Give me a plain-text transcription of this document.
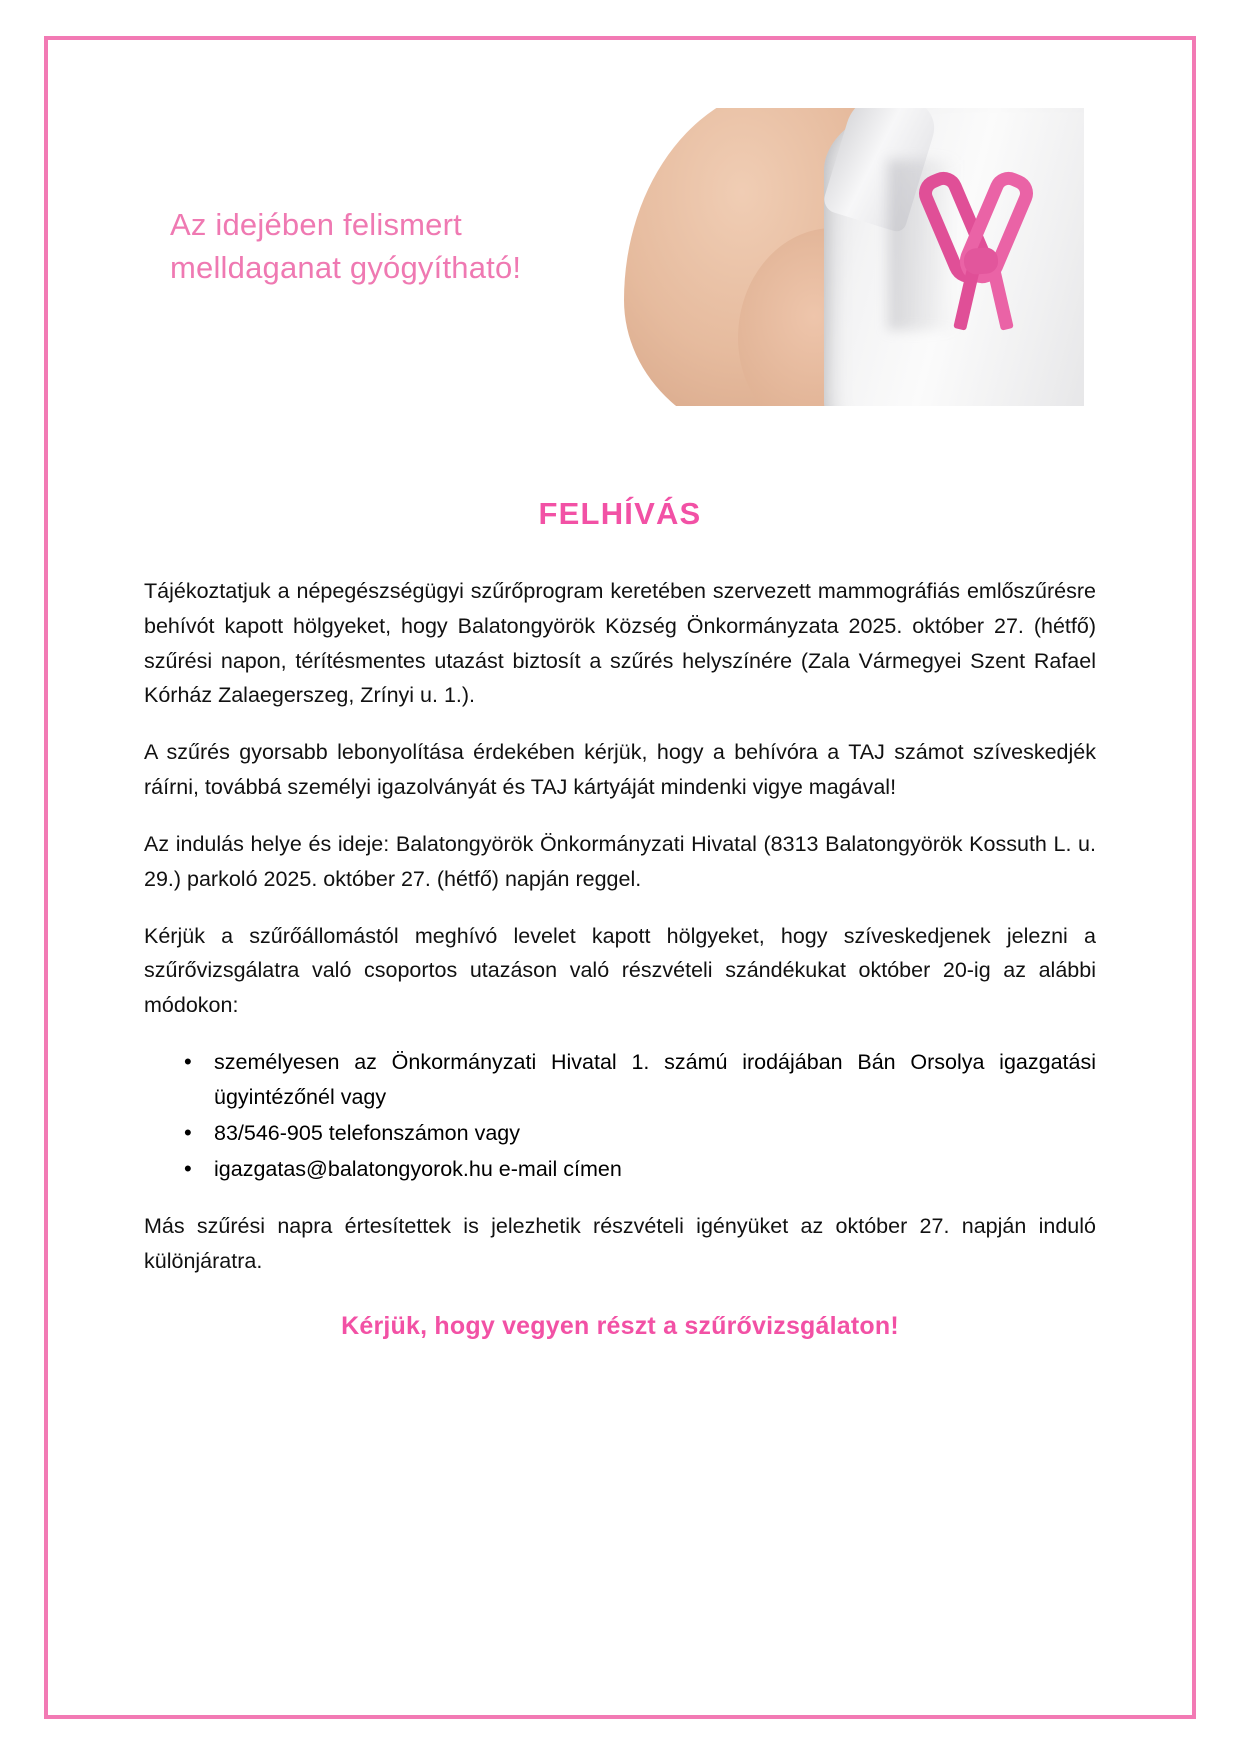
Az idejében felismert
melldaganat gyógyítható!
FELHÍVÁS

Tájékoztatjuk a népegészségügyi szűrőprogram keretében szervezett mammográfiás emlőszűrésre behívót kapott hölgyeket, hogy Balatongyörök Község Önkormányzata 2025. október 27. (hétfő) szűrési napon, térítésmentes utazást biztosít a szűrés helyszínére (Zala Vármegyei Szent Rafael Kórház Zalaegerszeg, Zrínyi u. 1.).

A szűrés gyorsabb lebonyolítása érdekében kérjük, hogy a behívóra a TAJ számot szíveskedjék ráírni, továbbá személyi igazolványát és TAJ kártyáját mindenki vigye magával!

Az indulás helye és ideje: Balatongyörök Önkormányzati Hivatal (8313 Balatongyörök Kossuth L. u. 29.) parkoló 2025. október 27. (hétfő) napján reggel.

Kérjük a szűrőállomástól meghívó levelet kapott hölgyeket, hogy szíveskedjenek jelezni a szűrővizsgálatra való csoportos utazáson való részvételi szándékukat október 20-ig az alábbi módokon:

• személyesen az Önkormányzati Hivatal 1. számú irodájában Bán Orsolya igazgatási ügyintézőnél vagy
• 83/546-905 telefonszámon vagy
• igazgatas@balatongyorok.hu e-mail címen

Más szűrési napra értesítettek is jelezhetik részvételi igényüket az október 27. napján induló különjáratra.

Kérjük, hogy vegyen részt a szűrővizsgálaton!
